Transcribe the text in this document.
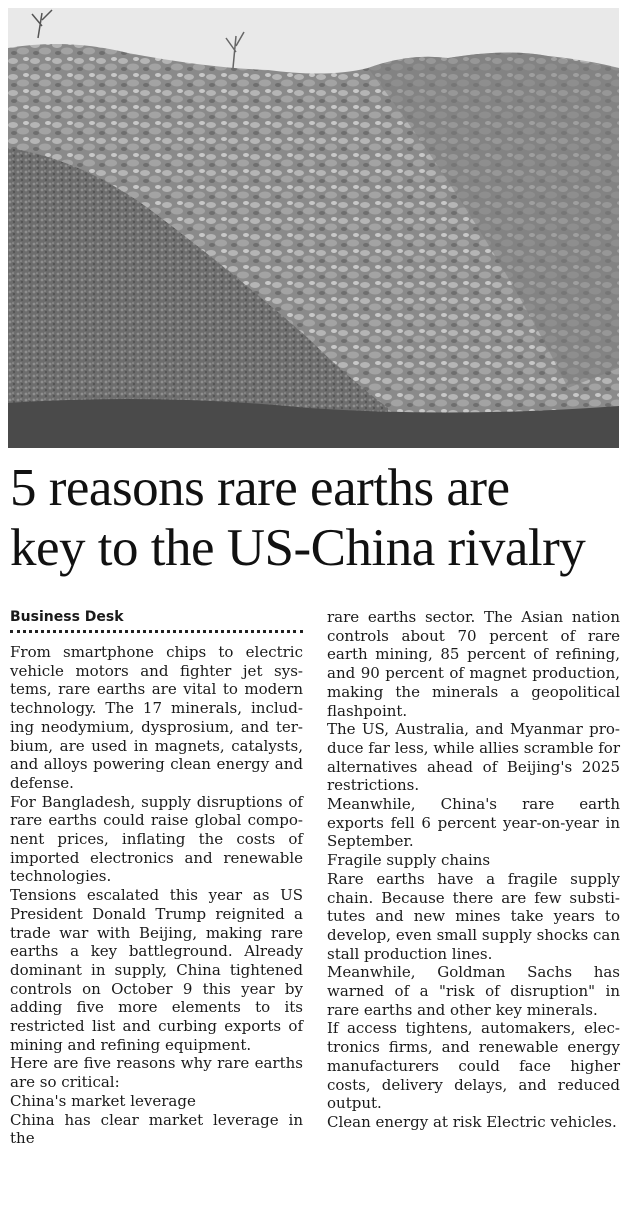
5 reasons rare earths are
key to the US-China rivalry
Business Desk

From smartphone chips to electric vehicle motors and fighter jet systems, rare earths are vital to modern technology. The 17 minerals, including neodymium, dysprosium, and terbium, are used in magnets, catalysts, and alloys powering clean energy and defense.

For Bangladesh, supply disruptions of rare earths could raise global component prices, inflating the costs of imported electronics and renewable technologies.

Tensions escalated this year as US President Donald Trump reignited a trade war with Beijing, making rare earths a key battleground. Already dominant in supply, China tightened controls on October 9 this year by adding five more elements to its restricted list and curbing exports of mining and refining equipment.

Here are five reasons why rare earths are so critical:

China's market leverage

China has clear market leverage in the

rare earths sector. The Asian nation controls about 70 percent of rare earth mining, 85 percent of refining, and 90 percent of magnet production, making the minerals a geopolitical flashpoint.

The US, Australia, and Myanmar produce far less, while allies scramble for alternatives ahead of Beijing's 2025 restrictions.

Meanwhile, China's rare earth exports fell 6 percent year-on-year in September.

Fragile supply chains

Rare earths have a fragile supply chain. Because there are few substitutes and new mines take years to develop, even small supply shocks can stall production lines.

Meanwhile, Goldman Sachs has warned of a "risk of disruption" in rare earths and other key minerals.

If access tightens, automakers, electronics firms, and renewable energy manufacturers could face higher costs, delivery delays, and reduced output.

Clean energy at risk Electric vehicles.
